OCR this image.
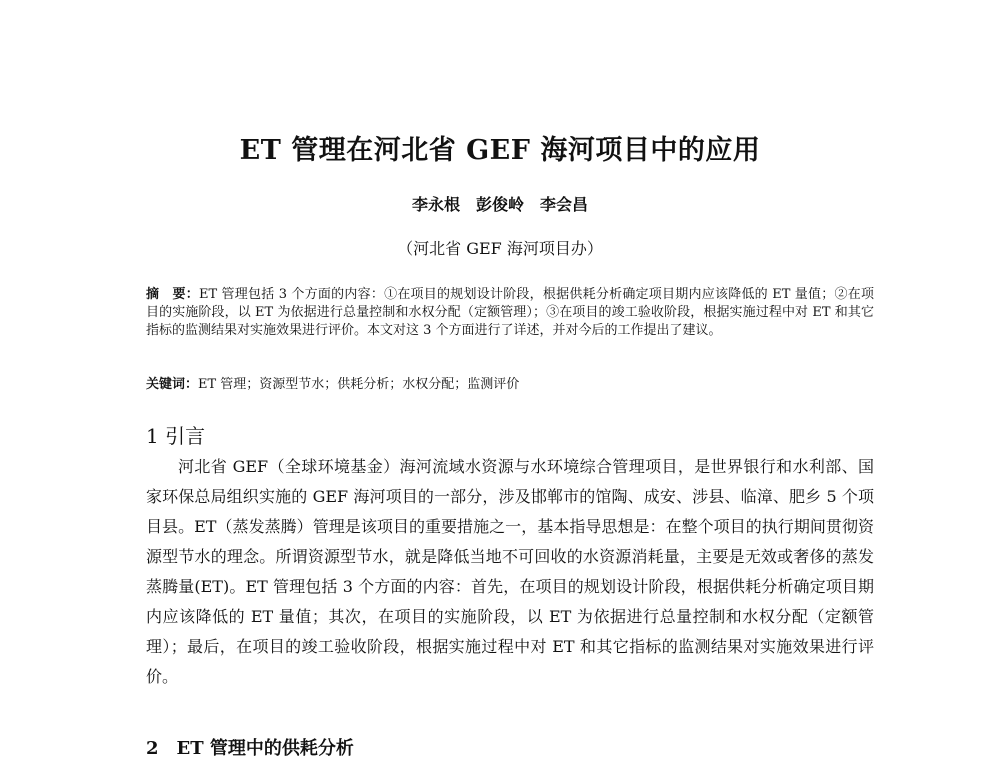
ET 管理在河北省 GEF 海河项目中的应用
李永根　彭俊岭　李会昌
（河北省 GEF 海河项目办）
摘　要：ET 管理包括 3 个方面的内容：①在项目的规划设计阶段，根据供耗分析确定项目期内应该降低的 ET 量值；②在项目的实施阶段，以 ET 为依据进行总量控制和水权分配（定额管理）；③在项目的竣工验收阶段，根据实施过程中对 ET 和其它指标的监测结果对实施效果进行评价。本文对这 3 个方面进行了详述，并对今后的工作提出了建议。
关键词：ET 管理；资源型节水；供耗分析；水权分配；监测评价
1 引言
河北省 GEF（全球环境基金）海河流域水资源与水环境综合管理项目，是世界银行和水利部、国家环保总局组织实施的 GEF 海河项目的一部分，涉及邯郸市的馆陶、成安、涉县、临漳、肥乡 5 个项目县。ET（蒸发蒸腾）管理是该项目的重要措施之一，基本指导思想是：在整个项目的执行期间贯彻资源型节水的理念。所谓资源型节水，就是降低当地不可回收的水资源消耗量，主要是无效或奢侈的蒸发蒸腾量(ET)。ET 管理包括 3 个方面的内容：首先，在项目的规划设计阶段，根据供耗分析确定项目期内应该降低的 ET 量值；其次，在项目的实施阶段，以 ET 为依据进行总量控制和水权分配（定额管理）；最后，在项目的竣工验收阶段，根据实施过程中对 ET 和其它指标的监测结果对实施效果进行评价。
2　ET 管理中的供耗分析
